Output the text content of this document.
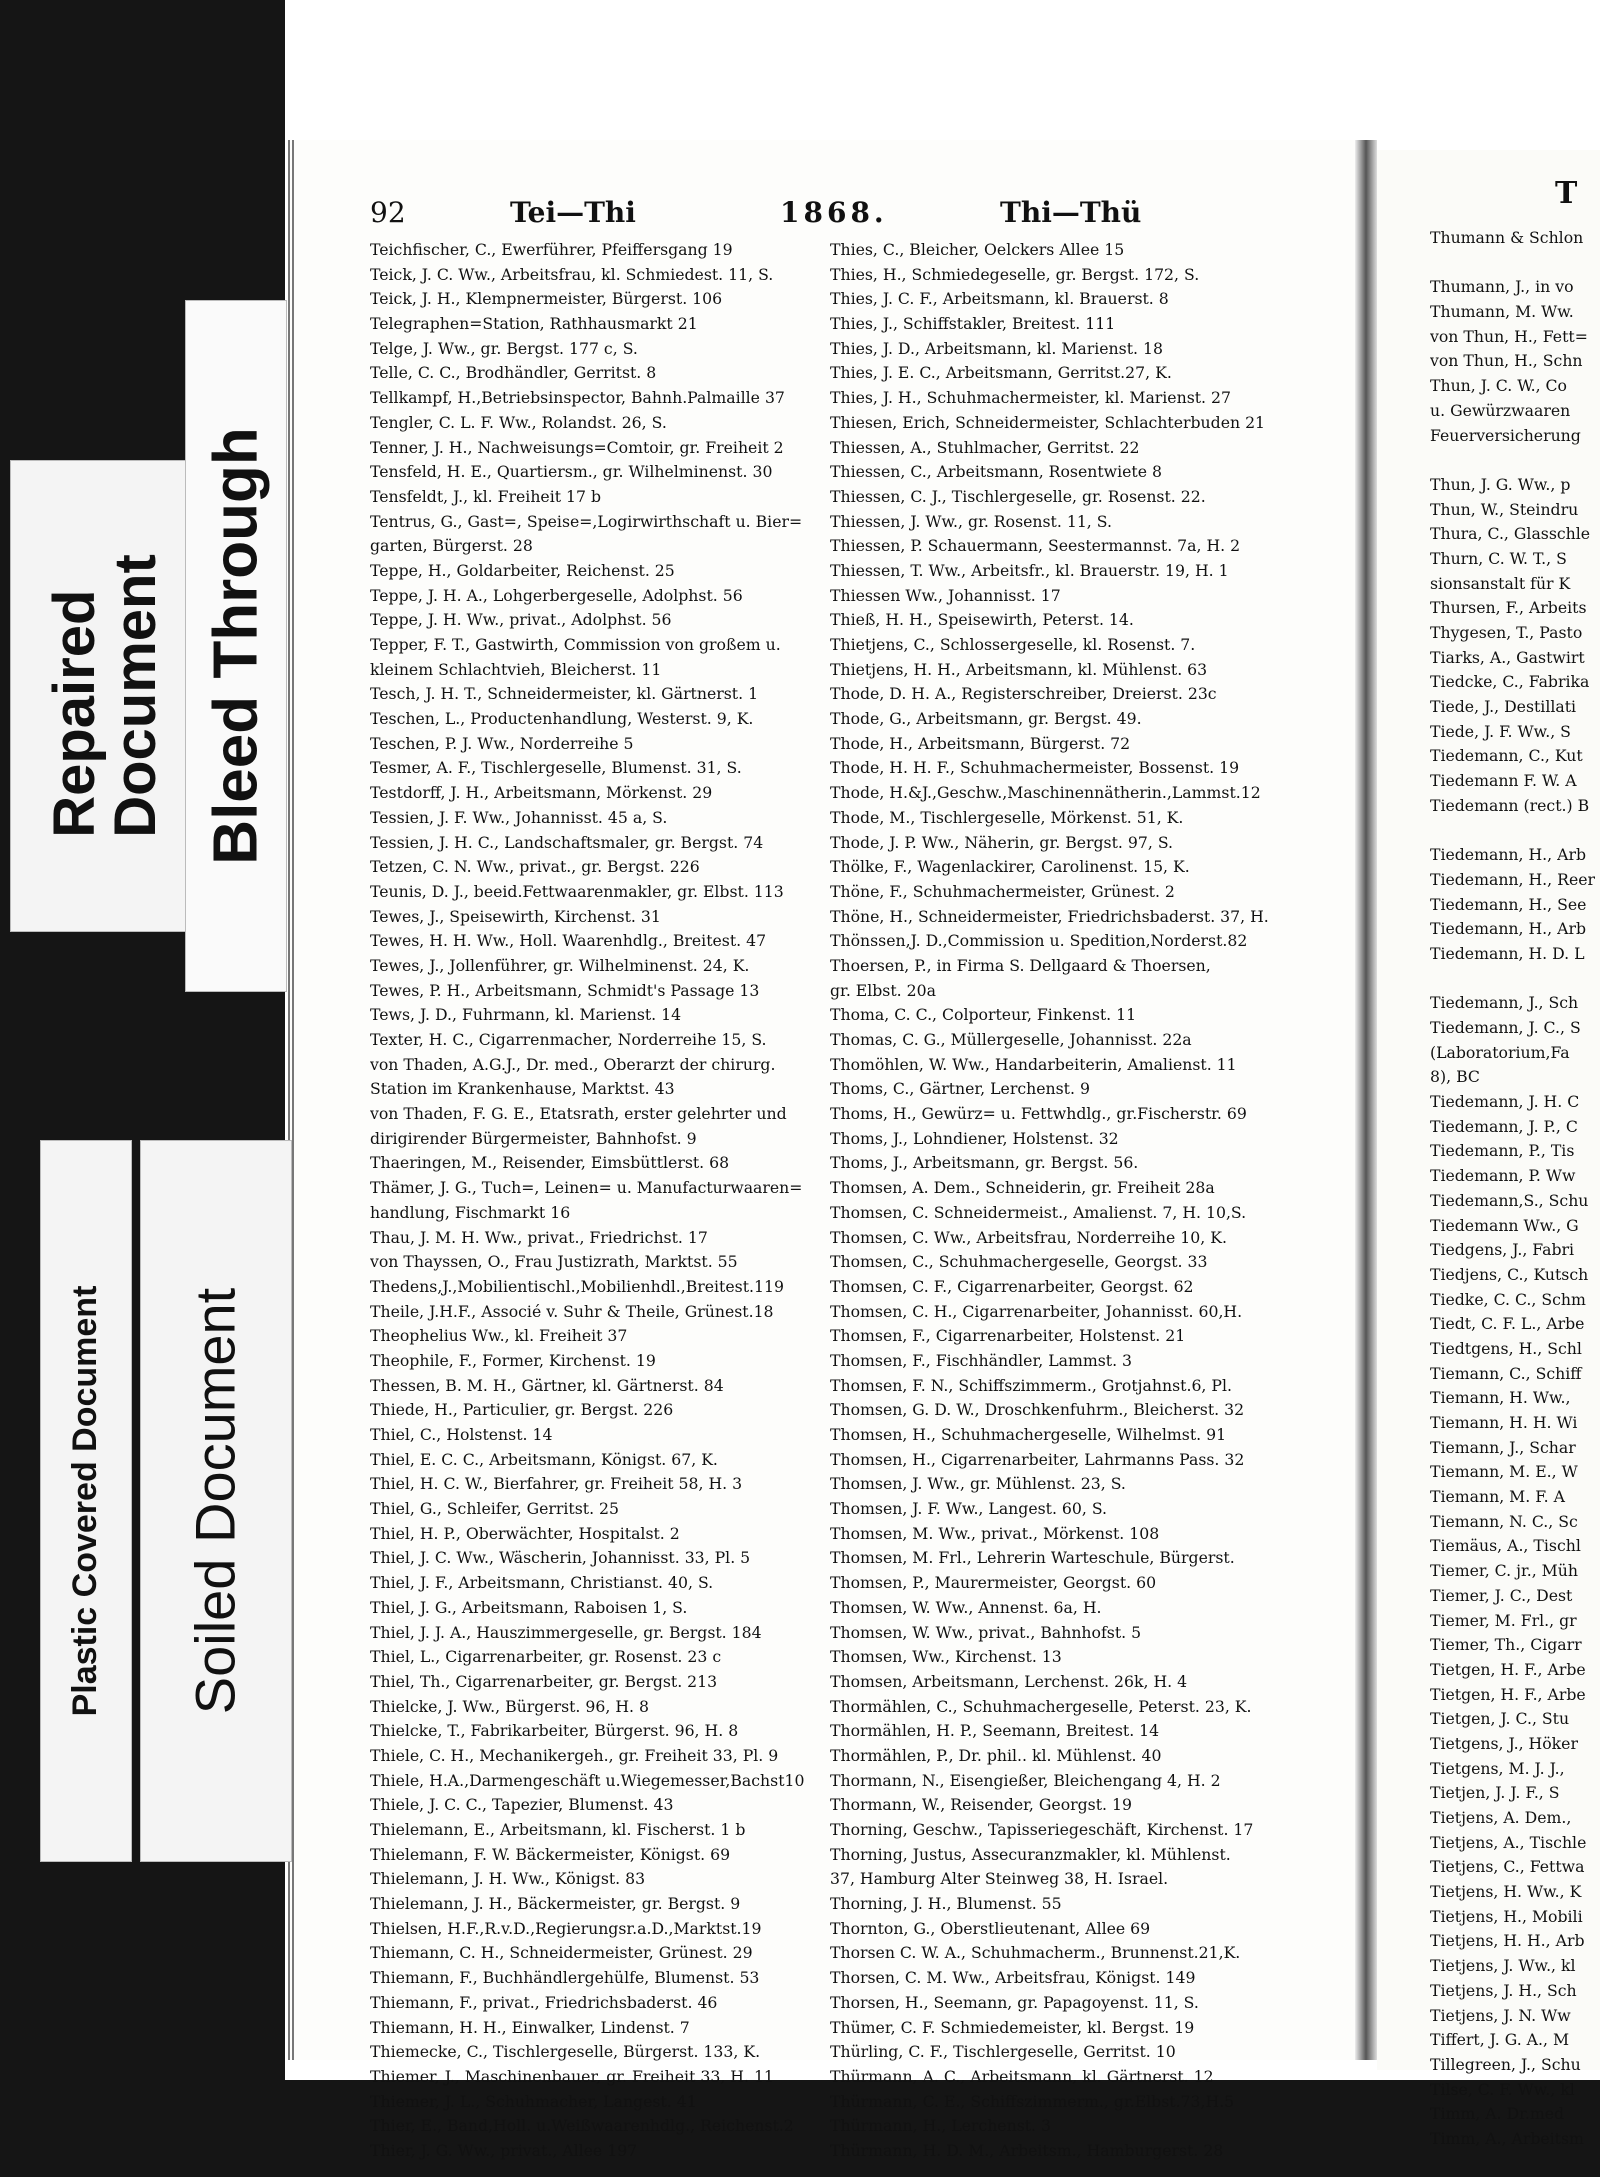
92	Tei—Thi	1868.	Thi—Thü
Teichfischer, C., Ewerführer, Pfeiffersgang 19
Teick, J. C. Ww., Arbeitsfrau, kl. Schmiedest. 11, S.
Teick, J. H., Klempnermeister, Bürgerst. 106
Telegraphen=Station, Rathhausmarkt 21
Telge, J. Ww., gr. Bergst. 177 c, S.
Telle, C. C., Brodhändler, Gerritst. 8
Tellkampf, H.,Betriebsinspector, Bahnh.Palmaille 37
Tengler, C. L. F. Ww., Rolandst. 26, S.
Tenner, J. H., Nachweisungs=Comtoir, gr. Freiheit 2
Tensfeld, H. E., Quartiersm., gr. Wilhelminenst. 30
Tensfeldt, J., kl. Freiheit 17 b
Tentrus, G., Gast=, Speise=,Logirwirthschaft u. Bier=
garten, Bürgerst. 28
Teppe, H., Goldarbeiter, Reichenst. 25
Teppe, J. H. A., Lohgerbergeselle, Adolphst. 56
Teppe, J. H. Ww., privat., Adolphst. 56
Tepper, F. T., Gastwirth, Commission von großem u.
kleinem Schlachtvieh, Bleicherst. 11
Tesch, J. H. T., Schneidermeister, kl. Gärtnerst. 1
Teschen, L., Productenhandlung, Westerst. 9, K.
Teschen, P. J. Ww., Norderreihe 5
Tesmer, A. F., Tischlergeselle, Blumenst. 31, S.
Testdorff, J. H., Arbeitsmann, Mörkenst. 29
Tessien, J. F. Ww., Johannisst. 45 a, S.
Tessien, J. H. C., Landschaftsmaler, gr. Bergst. 74
Tetzen, C. N. Ww., privat., gr. Bergst. 226
Teunis, D. J., beeid.Fettwaarenmakler, gr. Elbst. 113
Tewes, J., Speisewirth, Kirchenst. 31
Tewes, H. H. Ww., Holl. Waarenhdlg., Breitest. 47
Tewes, J., Jollenführer, gr. Wilhelminenst. 24, K.
Tewes, P. H., Arbeitsmann, Schmidt's Passage 13
Tews, J. D., Fuhrmann, kl. Marienst. 14
Texter, H. C., Cigarrenmacher, Norderreihe 15, S.
von Thaden, A.G.J., Dr. med., Oberarzt der chirurg.
Station im Krankenhause, Marktst. 43
von Thaden, F. G. E., Etatsrath, erster gelehrter und
dirigirender Bürgermeister, Bahnhofst. 9
Thaeringen, M., Reisender, Eimsbüttlerst. 68
Thämer, J. G., Tuch=, Leinen= u. Manufacturwaaren=
handlung, Fischmarkt 16
Thau, J. M. H. Ww., privat., Friedrichst. 17
von Thayssen, O., Frau Justizrath, Marktst. 55
Thedens,J.,Mobilientischl.,Mobilienhdl.,Breitest.119
Theile, J.H.F., Associé v. Suhr & Theile, Grünest.18
Theophelius Ww., kl. Freiheit 37
Theophile, F., Former, Kirchenst. 19
Thessen, B. M. H., Gärtner, kl. Gärtnerst. 84
Thiede, H., Particulier, gr. Bergst. 226
Thiel, C., Holstenst. 14
Thiel, E. C. C., Arbeitsmann, Königst. 67, K.
Thiel, H. C. W., Bierfahrer, gr. Freiheit 58, H. 3
Thiel, G., Schleifer, Gerritst. 25
Thiel, H. P., Oberwächter, Hospitalst. 2
Thiel, J. C. Ww., Wäscherin, Johannisst. 33, Pl. 5
Thiel, J. F., Arbeitsmann, Christianst. 40, S.
Thiel, J. G., Arbeitsmann, Raboisen 1, S.
Thiel, J. J. A., Hauszimmergeselle, gr. Bergst. 184
Thiel, L., Cigarrenarbeiter, gr. Rosenst. 23 c
Thiel, Th., Cigarrenarbeiter, gr. Bergst. 213
Thielcke, J. Ww., Bürgerst. 96, H. 8
Thielcke, T., Fabrikarbeiter, Bürgerst. 96, H. 8
Thiele, C. H., Mechanikergeh., gr. Freiheit 33, Pl. 9
Thiele, H.A.,Darmengeschäft u.Wiegemesser,Bachst10
Thiele, J. C. C., Tapezier, Blumenst. 43
Thielemann, E., Arbeitsmann, kl. Fischerst. 1 b
Thielemann, F. W. Bäckermeister, Königst. 69
Thielemann, J. H. Ww., Königst. 83
Thielemann, J. H., Bäckermeister, gr. Bergst. 9
Thielsen, H.F.,R.v.D.,Regierungsr.a.D.,Marktst.19
Thiemann, C. H., Schneidermeister, Grünest. 29
Thiemann, F., Buchhändlergehülfe, Blumenst. 53
Thiemann, F., privat., Friedrichsbaderst. 46
Thiemann, H. H., Einwalker, Lindenst. 7
Thiemecke, C., Tischlergeselle, Bürgerst. 133, K.
Thiemer, J., Maschinenbauer, gr. Freiheit 33, H. 11
Thiemer, J. L., Schuhmacher, Langest. 41
Thier, E., Band,Holl. u.Weißwaarenhdlg., Reichenst.2
Thier, J. G. Ww., privat., Allee 197
Thies, C., Bleicher, Oelckers Allee 15
Thies, H., Schmiedegeselle, gr. Bergst. 172, S.
Thies, J. C. F., Arbeitsmann, kl. Brauerst. 8
Thies, J., Schiffstakler, Breitest. 111
Thies, J. D., Arbeitsmann, kl. Marienst. 18
Thies, J. E. C., Arbeitsmann, Gerritst.27, K.
Thies, J. H., Schuhmachermeister, kl. Marienst. 27
Thiesen, Erich, Schneidermeister, Schlachterbuden 21
Thiessen, A., Stuhlmacher, Gerritst. 22
Thiessen, C., Arbeitsmann, Rosentwiete 8
Thiessen, C. J., Tischlergeselle, gr. Rosenst. 22.
Thiessen, J. Ww., gr. Rosenst. 11, S.
Thiessen, P. Schauermann, Seestermannst. 7a, H. 2
Thiessen, T. Ww., Arbeitsfr., kl. Brauerstr. 19, H. 1
Thiessen Ww., Johannisst. 17
Thieß, H. H., Speisewirth, Peterst. 14.
Thietjens, C., Schlossergeselle, kl. Rosenst. 7.
Thietjens, H. H., Arbeitsmann, kl. Mühlenst. 63
Thode, D. H. A., Registerschreiber, Dreierst. 23c
Thode, G., Arbeitsmann, gr. Bergst. 49.
Thode, H., Arbeitsmann, Bürgerst. 72
Thode, H. H. F., Schuhmachermeister, Bossenst. 19
Thode, H.&J.,Geschw.,Maschinennätherin.,Lammst.12
Thode, M., Tischlergeselle, Mörkenst. 51, K.
Thode, J. P. Ww., Näherin, gr. Bergst. 97, S.
Thölke, F., Wagenlackirer, Carolinenst. 15, K.
Thöne, F., Schuhmachermeister, Grünest. 2
Thöne, H., Schneidermeister, Friedrichsbaderst. 37, H.
Thönssen,J. D.,Commission u. Spedition,Norderst.82
Thoersen, P., in Firma S. Dellgaard & Thoersen,
gr. Elbst. 20a
Thoma, C. C., Colporteur, Finkenst. 11
Thomas, C. G., Müllergeselle, Johannisst. 22a
Thomöhlen, W. Ww., Handarbeiterin, Amalienst. 11
Thoms, C., Gärtner, Lerchenst. 9
Thoms, H., Gewürz= u. Fettwhdlg., gr.Fischerstr. 69
Thoms, J., Lohndiener, Holstenst. 32
Thoms, J., Arbeitsmann, gr. Bergst. 56.
Thomsen, A. Dem., Schneiderin, gr. Freiheit 28a
Thomsen, C. Schneidermeist., Amalienst. 7, H. 10,S.
Thomsen, C. Ww., Arbeitsfrau, Norderreihe 10, K.
Thomsen, C., Schuhmachergeselle, Georgst. 33
Thomsen, C. F., Cigarrenarbeiter, Georgst. 62
Thomsen, C. H., Cigarrenarbeiter, Johannisst. 60,H.
Thomsen, F., Cigarrenarbeiter, Holstenst. 21
Thomsen, F., Fischhändler, Lammst. 3
Thomsen, F. N., Schiffszimmerm., Grotjahnst.6, Pl.
Thomsen, G. D. W., Droschkenfuhrm., Bleicherst. 32
Thomsen, H., Schuhmachergeselle, Wilhelmst. 91
Thomsen, H., Cigarrenarbeiter, Lahrmanns Pass. 32
Thomsen, J. Ww., gr. Mühlenst. 23, S.
Thomsen, J. F. Ww., Langest. 60, S.
Thomsen, M. Ww., privat., Mörkenst. 108
Thomsen, M. Frl., Lehrerin Warteschule, Bürgerst.
Thomsen, P., Maurermeister, Georgst. 60
Thomsen, W. Ww., Annenst. 6a, H.
Thomsen, W. Ww., privat., Bahnhofst. 5
Thomsen, Ww., Kirchenst. 13
Thomsen, Arbeitsmann, Lerchenst. 26k, H. 4
Thormählen, C., Schuhmachergeselle, Peterst. 23, K.
Thormählen, H. P., Seemann, Breitest. 14
Thormählen, P., Dr. phil.. kl. Mühlenst. 40
Thormann, N., Eisengießer, Bleichengang 4, H. 2
Thormann, W., Reisender, Georgst. 19
Thorning, Geschw., Tapisseriegeschäft, Kirchenst. 17
Thorning, Justus, Assecuranzmakler, kl. Mühlenst.
37, Hamburg Alter Steinweg 38, H. Israel.
Thorning, J. H., Blumenst. 55
Thornton, G., Oberstlieutenant, Allee 69
Thorsen C. W. A., Schuhmacherm., Brunnenst.21,K.
Thorsen, C. M. Ww., Arbeitsfrau, Königst. 149
Thorsen, H., Seemann, gr. Papagoyenst. 11, S.
Thümer, C. F. Schmiedemeister, kl. Bergst. 19
Thürling, C. F., Tischlergeselle, Gerritst. 10
Thürmann, A. C., Arbeitsmann, kl. Gärtnerst. 12
Thürmann, C. E., Schiffszimmerm., gr.Elbst.73,H.5
Thürmann, H., Lerchenst. 3
Thürmann, H. D. M., Arbeitsm., Hamburgerst. 28
T
Thumann & Schlon
Thumann, J., in vo
Thumann, M. Ww.
von Thun, H., Fett=
von Thun, H., Schn
Thun, J. C. W., Co
u. Gewürzwaaren
Feuerversicherung
Thun, J. G. Ww., p
Thun, W., Steindru
Thura, C., Glasschle
Thurn, C. W. T., S
sionsanstalt für K
Thursen, F., Arbeits
Thygesen, T., Pasto
Tiarks, A., Gastwirt
Tiedcke, C., Fabrika
Tiede, J., Destillati
Tiede, J. F. Ww., S
Tiedemann, C., Kut
Tiedemann F. W. A
Tiedemann (rect.) B
Tiedemann, H., Arb
Tiedemann, H., Reer
Tiedemann, H., See
Tiedemann, H., Arb
Tiedemann, H. D. L
Tiedemann, J., Sch
Tiedemann, J. C., S
(Laboratorium,Fa
8), BC
Tiedemann, J. H. C
Tiedemann, J. P., C
Tiedemann, P., Tis
Tiedemann, P. Ww
Tiedemann,S., Schu
Tiedemann Ww., G
Tiedgens, J., Fabri
Tiedjens, C., Kutsch
Tiedke, C. C., Schm
Tiedt, C. F. L., Arbe
Tiedtgens, H., Schl
Tiemann, C., Schiff
Tiemann, H. Ww.,
Tiemann, H. H. Wi
Tiemann, J., Schar
Tiemann, M. E., W
Tiemann, M. F. A
Tiemann, N. C., Sc
Tiemäus, A., Tischl
Tiemer, C. jr., Müh
Tiemer, J. C., Dest
Tiemer, M. Frl., gr
Tiemer, Th., Cigarr
Tietgen, H. F., Arbe
Tietgen, H. F., Arbe
Tietgen, J. C., Stu
Tietgens, J., Höker
Tietgens, M. J. J.,
Tietjen, J. J. F., S
Tietjens, A. Dem.,
Tietjens, A., Tischle
Tietjens, C., Fettwa
Tietjens, H. Ww., K
Tietjens, H., Mobili
Tietjens, H. H., Arb
Tietjens, J. Ww., kl
Tietjens, J. H., Sch
Tietjens, J. N. Ww
Tiffert, J. G. A., M
Tillegreen, J., Schu
Tilse, C. F. Ww., kl
Timm, A. Dr.med
Timm, A., Arbeitsm
Repaired
Document Bleed Through
Plastic Covered Document Soiled Document
